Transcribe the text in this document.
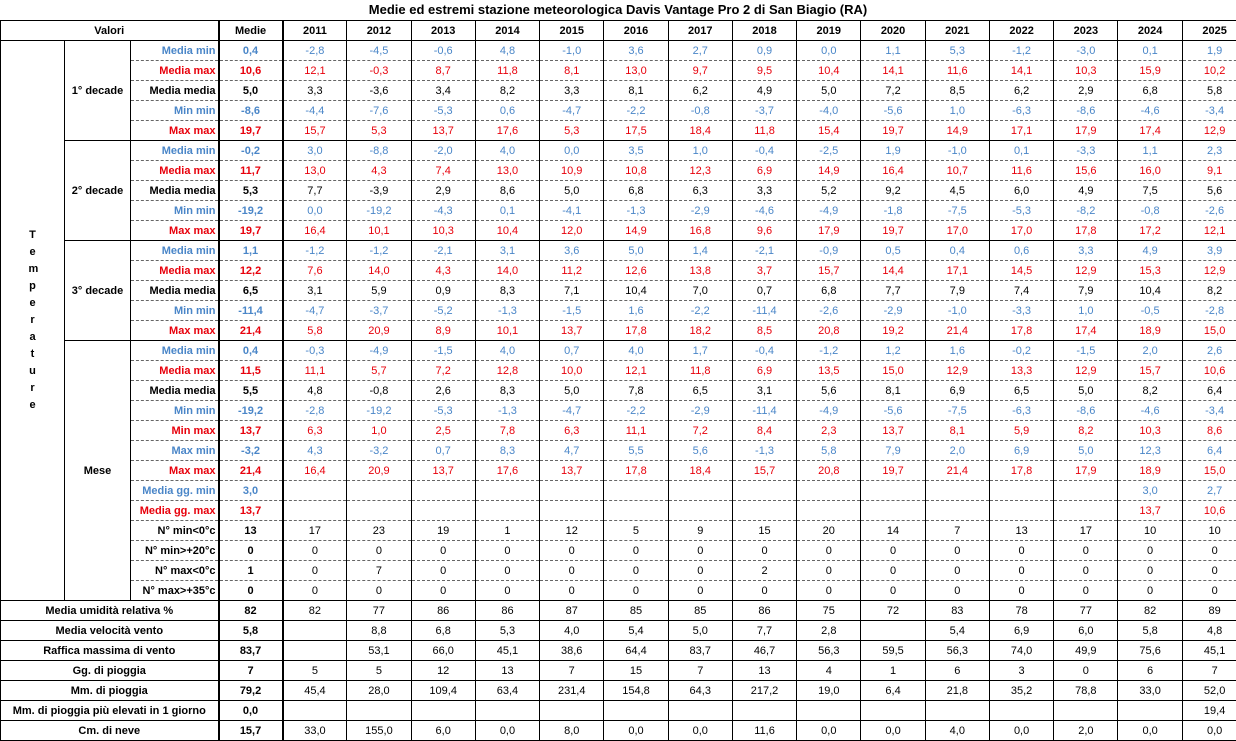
Medie ed estremi stazione meteorologica Davis Vantage Pro 2 di San Biagio (RA)
Valori			Medie	2011	2012	2013	2014	2015	2016	2017	2018	2019	2020	2021	2022	2023	2024	2025
Temperature	1° decade	Media min	0,4	-2,8	-4,5	-0,6	4,8	-1,0	3,6	2,7	0,9	0,0	1,1	5,3	-1,2	-3,0	0,1	1,9
		Media max	10,6	12,1	-0,3	8,7	11,8	8,1	13,0	9,7	9,5	10,4	14,1	11,6	14,1	10,3	15,9	10,2
		Media media	5,0	3,3	-3,6	3,4	8,2	3,3	8,1	6,2	4,9	5,0	7,2	8,5	6,2	2,9	6,8	5,8
		Min min	-8,6	-4,4	-7,6	-5,3	0,6	-4,7	-2,2	-0,8	-3,7	-4,0	-5,6	1,0	-6,3	-8,6	-4,6	-3,4
		Max max	19,7	15,7	5,3	13,7	17,6	5,3	17,5	18,4	11,8	15,4	19,7	14,9	17,1	17,9	17,4	12,9
	2° decade	Media min	-0,2	3,0	-8,8	-2,0	4,0	0,0	3,5	1,0	-0,4	-2,5	1,9	-1,0	0,1	-3,3	1,1	2,3
		Media max	11,7	13,0	4,3	7,4	13,0	10,9	10,8	12,3	6,9	14,9	16,4	10,7	11,6	15,6	16,0	9,1
		Media media	5,3	7,7	-3,9	2,9	8,6	5,0	6,8	6,3	3,3	5,2	9,2	4,5	6,0	4,9	7,5	5,6
		Min min	-19,2	0,0	-19,2	-4,3	0,1	-4,1	-1,3	-2,9	-4,6	-4,9	-1,8	-7,5	-5,3	-8,2	-0,8	-2,6
		Max max	19,7	16,4	10,1	10,3	10,4	12,0	14,9	16,8	9,6	17,9	19,7	17,0	17,0	17,8	17,2	12,1
	3° decade	Media min	1,1	-1,2	-1,2	-2,1	3,1	3,6	5,0	1,4	-2,1	-0,9	0,5	0,4	0,6	3,3	4,9	3,9
		Media max	12,2	7,6	14,0	4,3	14,0	11,2	12,6	13,8	3,7	15,7	14,4	17,1	14,5	12,9	15,3	12,9
		Media media	6,5	3,1	5,9	0,9	8,3	7,1	10,4	7,0	0,7	6,8	7,7	7,9	7,4	7,9	10,4	8,2
		Min min	-11,4	-4,7	-3,7	-5,2	-1,3	-1,5	1,6	-2,2	-11,4	-2,6	-2,9	-1,0	-3,3	1,0	-0,5	-2,8
		Max max	21,4	5,8	20,9	8,9	10,1	13,7	17,8	18,2	8,5	20,8	19,2	21,4	17,8	17,4	18,9	15,0
	Mese	Media min	0,4	-0,3	-4,9	-1,5	4,0	0,7	4,0	1,7	-0,4	-1,2	1,2	1,6	-0,2	-1,5	2,0	2,6
		Media max	11,5	11,1	5,7	7,2	12,8	10,0	12,1	11,8	6,9	13,5	15,0	12,9	13,3	12,9	15,7	10,6
		Media media	5,5	4,8	-0,8	2,6	8,3	5,0	7,8	6,5	3,1	5,6	8,1	6,9	6,5	5,0	8,2	6,4
		Min min	-19,2	-2,8	-19,2	-5,3	-1,3	-4,7	-2,2	-2,9	-11,4	-4,9	-5,6	-7,5	-6,3	-8,6	-4,6	-3,4
		Min max	13,7	6,3	1,0	2,5	7,8	6,3	11,1	7,2	8,4	2,3	13,7	8,1	5,9	8,2	10,3	8,6
		Max min	-3,2	4,3	-3,2	0,7	8,3	4,7	5,5	5,6	-1,3	5,8	7,9	2,0	6,9	5,0	12,3	6,4
		Max max	21,4	16,4	20,9	13,7	17,6	13,7	17,8	18,4	15,7	20,8	19,7	21,4	17,8	17,9	18,9	15,0
		Media gg. min	3,0														3,0	2,7
		Media gg. max	13,7														13,7	10,6
		N° min<0°c	13	17	23	19	1	12	5	9	15	20	14	7	13	17	10	10
		N° min>+20°c	0	0	0	0	0	0	0	0	0	0	0	0	0	0	0	0
		N° max<0°c	1	0	7	0	0	0	0	0	2	0	0	0	0	0	0	0
		N° max>+35°c	0	0	0	0	0	0	0	0	0	0	0	0	0	0	0	0
Media umidità relativa %			82	82	77	86	86	87	85	85	86	75	72	83	78	77	82	89
Media velocità vento			5,8		8,8	6,8	5,3	4,0	5,4	5,0	7,7	2,8		5,4	6,9	6,0	5,8	4,8
Raffica massima di vento			83,7		53,1	66,0	45,1	38,6	64,4	83,7	46,7	56,3	59,5	56,3	74,0	49,9	75,6	45,1
Gg. di pioggia			7	5	5	12	13	7	15	7	13	4	1	6	3	0	6	7
Mm. di pioggia			79,2	45,4	28,0	109,4	63,4	231,4	154,8	64,3	217,2	19,0	6,4	21,8	35,2	78,8	33,0	52,0
Mm. di pioggia più elevati in 1 giorno			0,0															19,4
Cm. di neve			15,7	33,0	155,0	6,0	0,0	8,0	0,0	0,0	11,6	0,0	0,0	4,0	0,0	2,0	0,0	0,0
